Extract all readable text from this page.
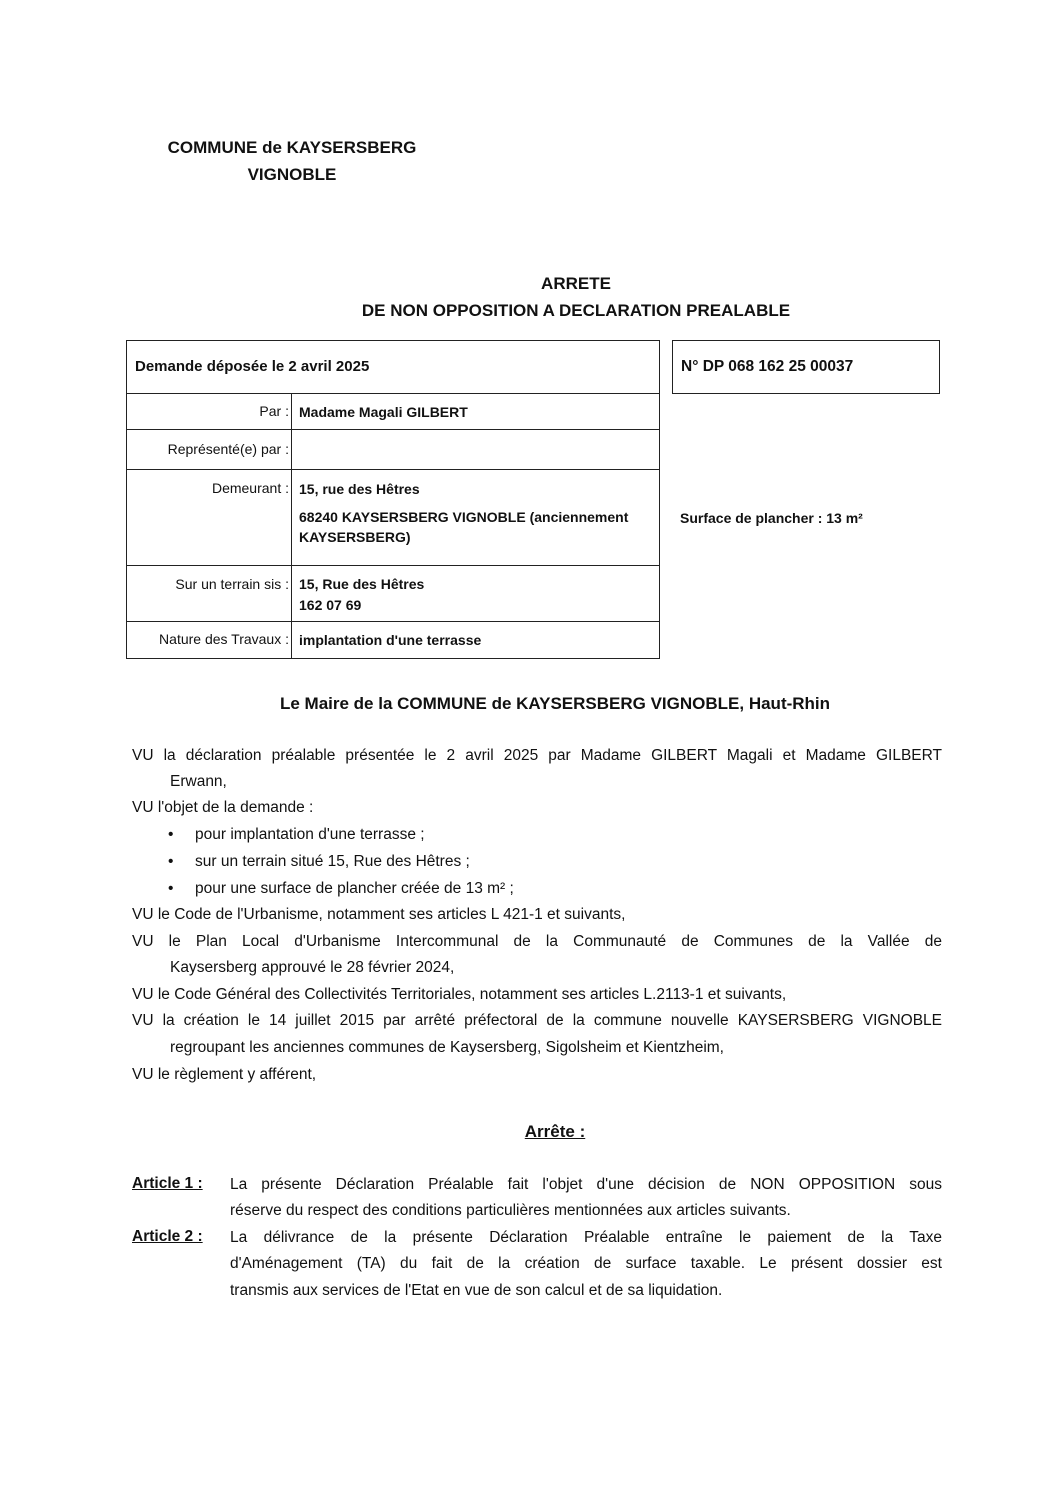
COMMUNE de KAYSERSBERG
VIGNOBLE
ARRETE
DE NON OPPOSITION A DECLARATION PREALABLE
Demande déposée le 2 avril 2025	N° DP 068 162 25 00037
Par : Madame Magali GILBERT
Représenté(e) par :
Demeurant : 15, rue des Hêtres
68240 KAYSERSBERG VIGNOBLE (anciennement KAYSERSBERG)
Sur un terrain sis : 15, Rue des Hêtres
162 07 69
Nature des Travaux : implantation d'une terrasse
Surface de plancher : 13 m²
Le Maire de la COMMUNE de KAYSERSBERG VIGNOBLE, Haut-Rhin
VU la déclaration préalable présentée le 2 avril 2025 par Madame GILBERT Magali et Madame GILBERT
Erwann,
VU l'objet de la demande :
• pour implantation d'une terrasse ;
• sur un terrain situé 15, Rue des Hêtres ;
• pour une surface de plancher créée de 13 m² ;
VU le Code de l'Urbanisme, notamment ses articles L 421-1 et suivants,
VU le Plan Local d'Urbanisme Intercommunal de la Communauté de Communes de la Vallée de
Kaysersberg approuvé le 28 février 2024,
VU le Code Général des Collectivités Territoriales, notamment ses articles L.2113-1 et suivants,
VU la création le 14 juillet 2015 par arrêté préfectoral de la commune nouvelle KAYSERSBERG VIGNOBLE
regroupant les anciennes communes de Kaysersberg, Sigolsheim et Kientzheim,
VU le règlement y afférent,
Arrête :
Article 1 : La présente Déclaration Préalable fait l'objet d'une décision de NON OPPOSITION sous
réserve du respect des conditions particulières mentionnées aux articles suivants.
Article 2 : La délivrance de la présente Déclaration Préalable entraîne le paiement de la Taxe
d'Aménagement (TA) du fait de la création de surface taxable. Le présent dossier est
transmis aux services de l'Etat en vue de son calcul et de sa liquidation.
